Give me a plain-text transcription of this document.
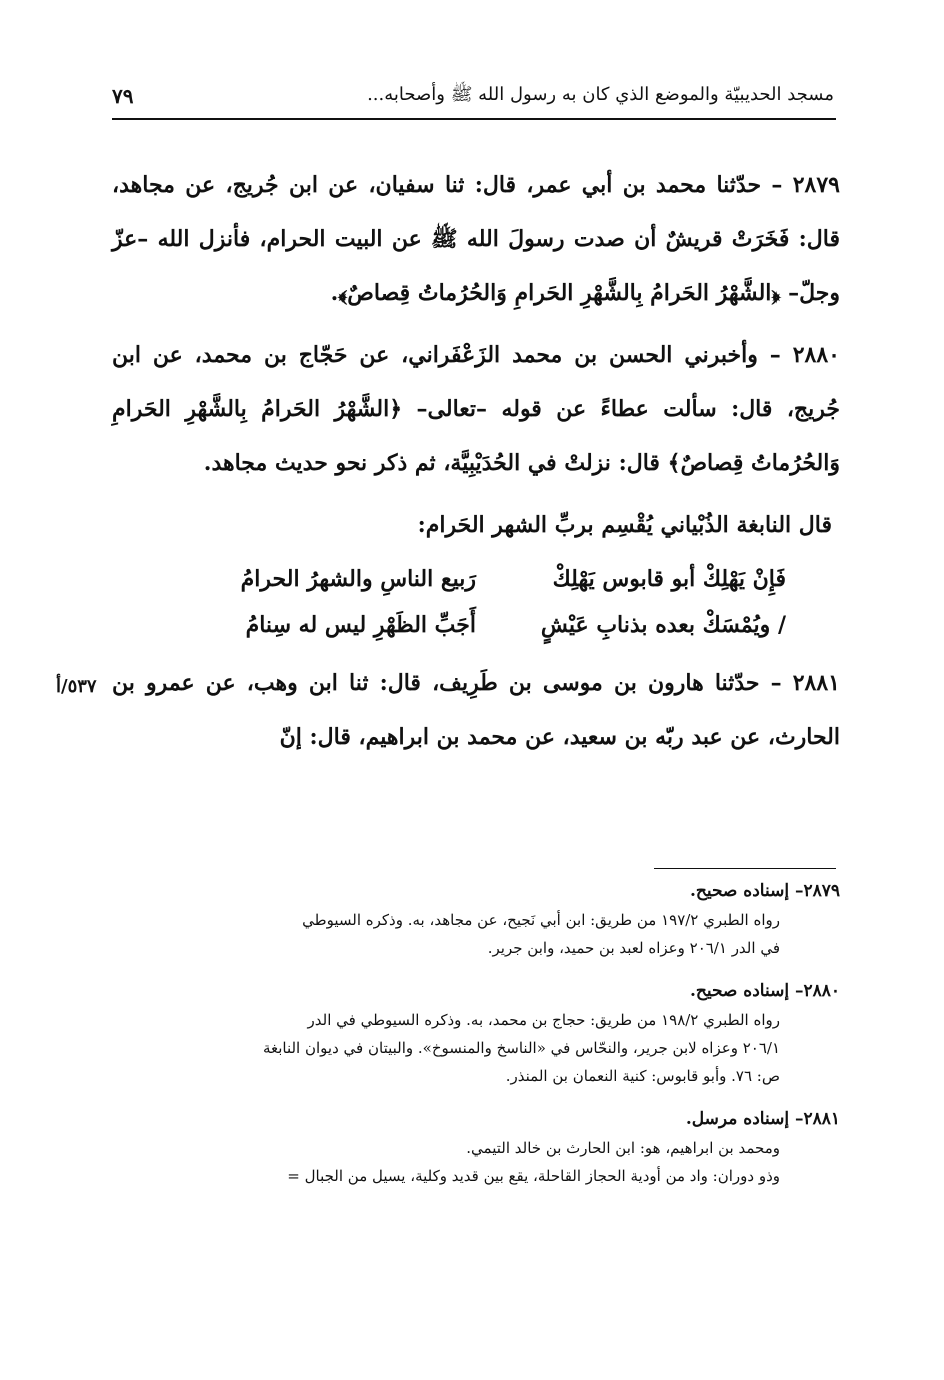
مسجد الحديبيّة والموضع الذي كان به رسول الله ﷺ وأصحابه...
٧٩

٢٨٧٩ – حدّثنا محمد بن أبي عمر، قال: ثنا سفيان، عن ابن جُريج، عن مجاهد، قال: فَخَرَتْ قريشٌ أن صدت رسولَ الله ﷺ عن البيت الحرام، فأنزل الله –عزّ وجلّ– ﴿الشَّهْرُ الحَرامُ بِالشَّهْرِ الحَرامِ وَالحُرُماتُ قِصاصٌ﴾.

٢٨٨٠ – وأخبرني الحسن بن محمد الزَعْفَراني، عن حَجّاج بن محمد، عن ابن جُريج، قال: سألت عطاءً عن قوله –تعالى– ﴿الشَّهْرُ الحَرامُ بِالشَّهْرِ الحَرامِ وَالحُرُماتُ قِصاصٌ﴾ قال: نزلتْ في الحُدَيْبِيَّة، ثم ذكر نحو حديث مجاهد.

قال النابغة الذُبْياني يُقْسِم بربِّ الشهر الحَرام:

فَإِنْ يَهْلِكْ أبو قابوس يَهْلِكْ
رَبيع الناسِ والشهرُ الحرامُ
/ ويُمْسَكْ بعده بذنابِ عَيْشٍ
أَجَبِّ الظَهْرِ ليس له سِنامُ

٢٨٨١ – حدّثنا هارون بن موسى بن طَرِيف، قال: ثنا ابن وهب، عن عمرو بن الحارث، عن عبد ربّه بن سعيد، عن محمد بن ابراهيم، قال: إنّ

٥٣٧/أ
٢٨٧٩– إسناده صحيح.
رواه الطبري ١٩٧/٢ من طريق: ابن أبي نَجيح، عن مجاهد، به. وذكره السيوطي
في الدر ٢٠٦/١ وعزاه لعبد بن حميد، وابن جرير.
٢٨٨٠– إسناده صحيح.
رواه الطبري ١٩٨/٢ من طريق: حجاج بن محمد، به. وذكره السيوطي في الدر
٢٠٦/١ وعزاه لابن جرير، والنحّاس في «الناسخ والمنسوخ». والبيتان في ديوان النابغة
ص: ٧٦. وأبو قابوس: كنية النعمان بن المنذر.
٢٨٨١– إسناده مرسل.
ومحمد بن ابراهيم، هو: ابن الحارث بن خالد التيمي.
وذو دوران: واد من أودية الحجاز القاحلة، يقع بين قديد وكلية، يسيل من الجبال =
